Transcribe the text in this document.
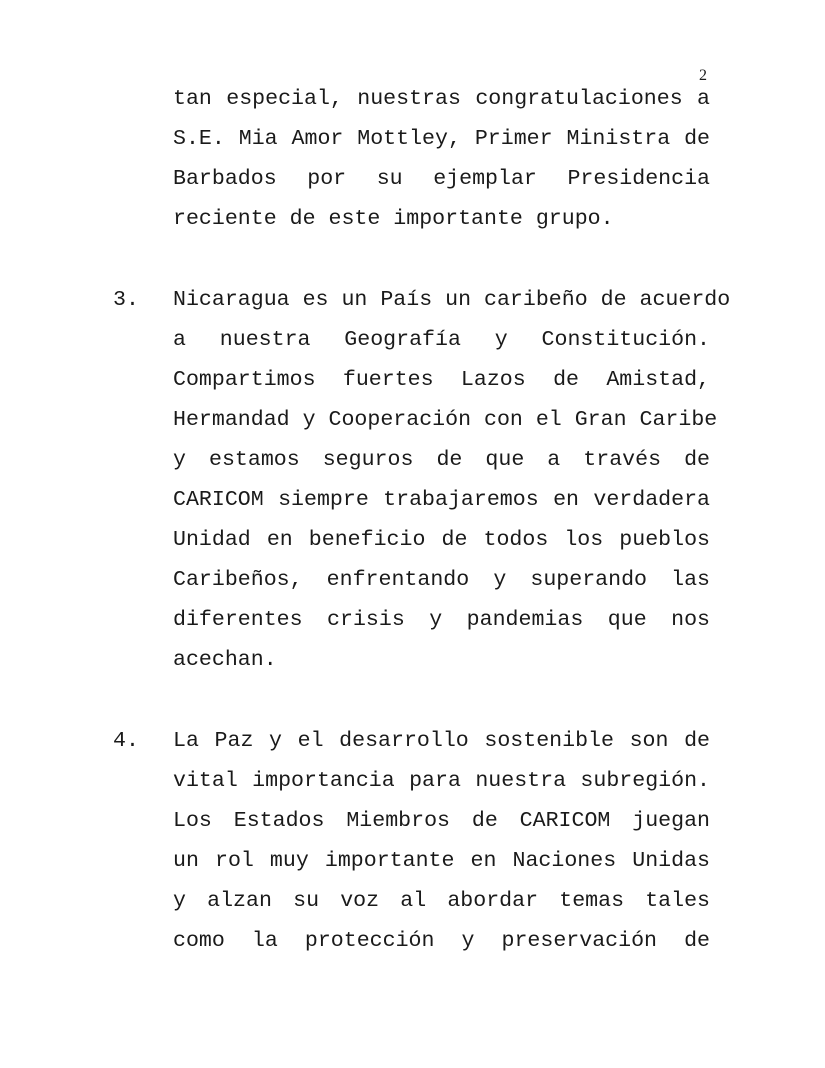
2
tan especial, nuestras congratulaciones a
S.E. Mia Amor Mottley, Primer Ministra de
Barbados por su ejemplar Presidencia
reciente de este importante grupo.
3. Nicaragua es un País un caribeño de acuerdo
a nuestra Geografía y Constitución.
Compartimos fuertes Lazos de Amistad,
Hermandad y Cooperación con el Gran Caribe
y estamos seguros de que a través de
CARICOM siempre trabajaremos en verdadera
Unidad en beneficio de todos los pueblos
Caribeños, enfrentando y superando las
diferentes crisis y pandemias que nos
acechan.
4. La Paz y el desarrollo sostenible son de
vital importancia para nuestra subregión.
Los Estados Miembros de CARICOM juegan
un rol muy importante en Naciones Unidas
y alzan su voz al abordar temas tales
como la protección y preservación de
